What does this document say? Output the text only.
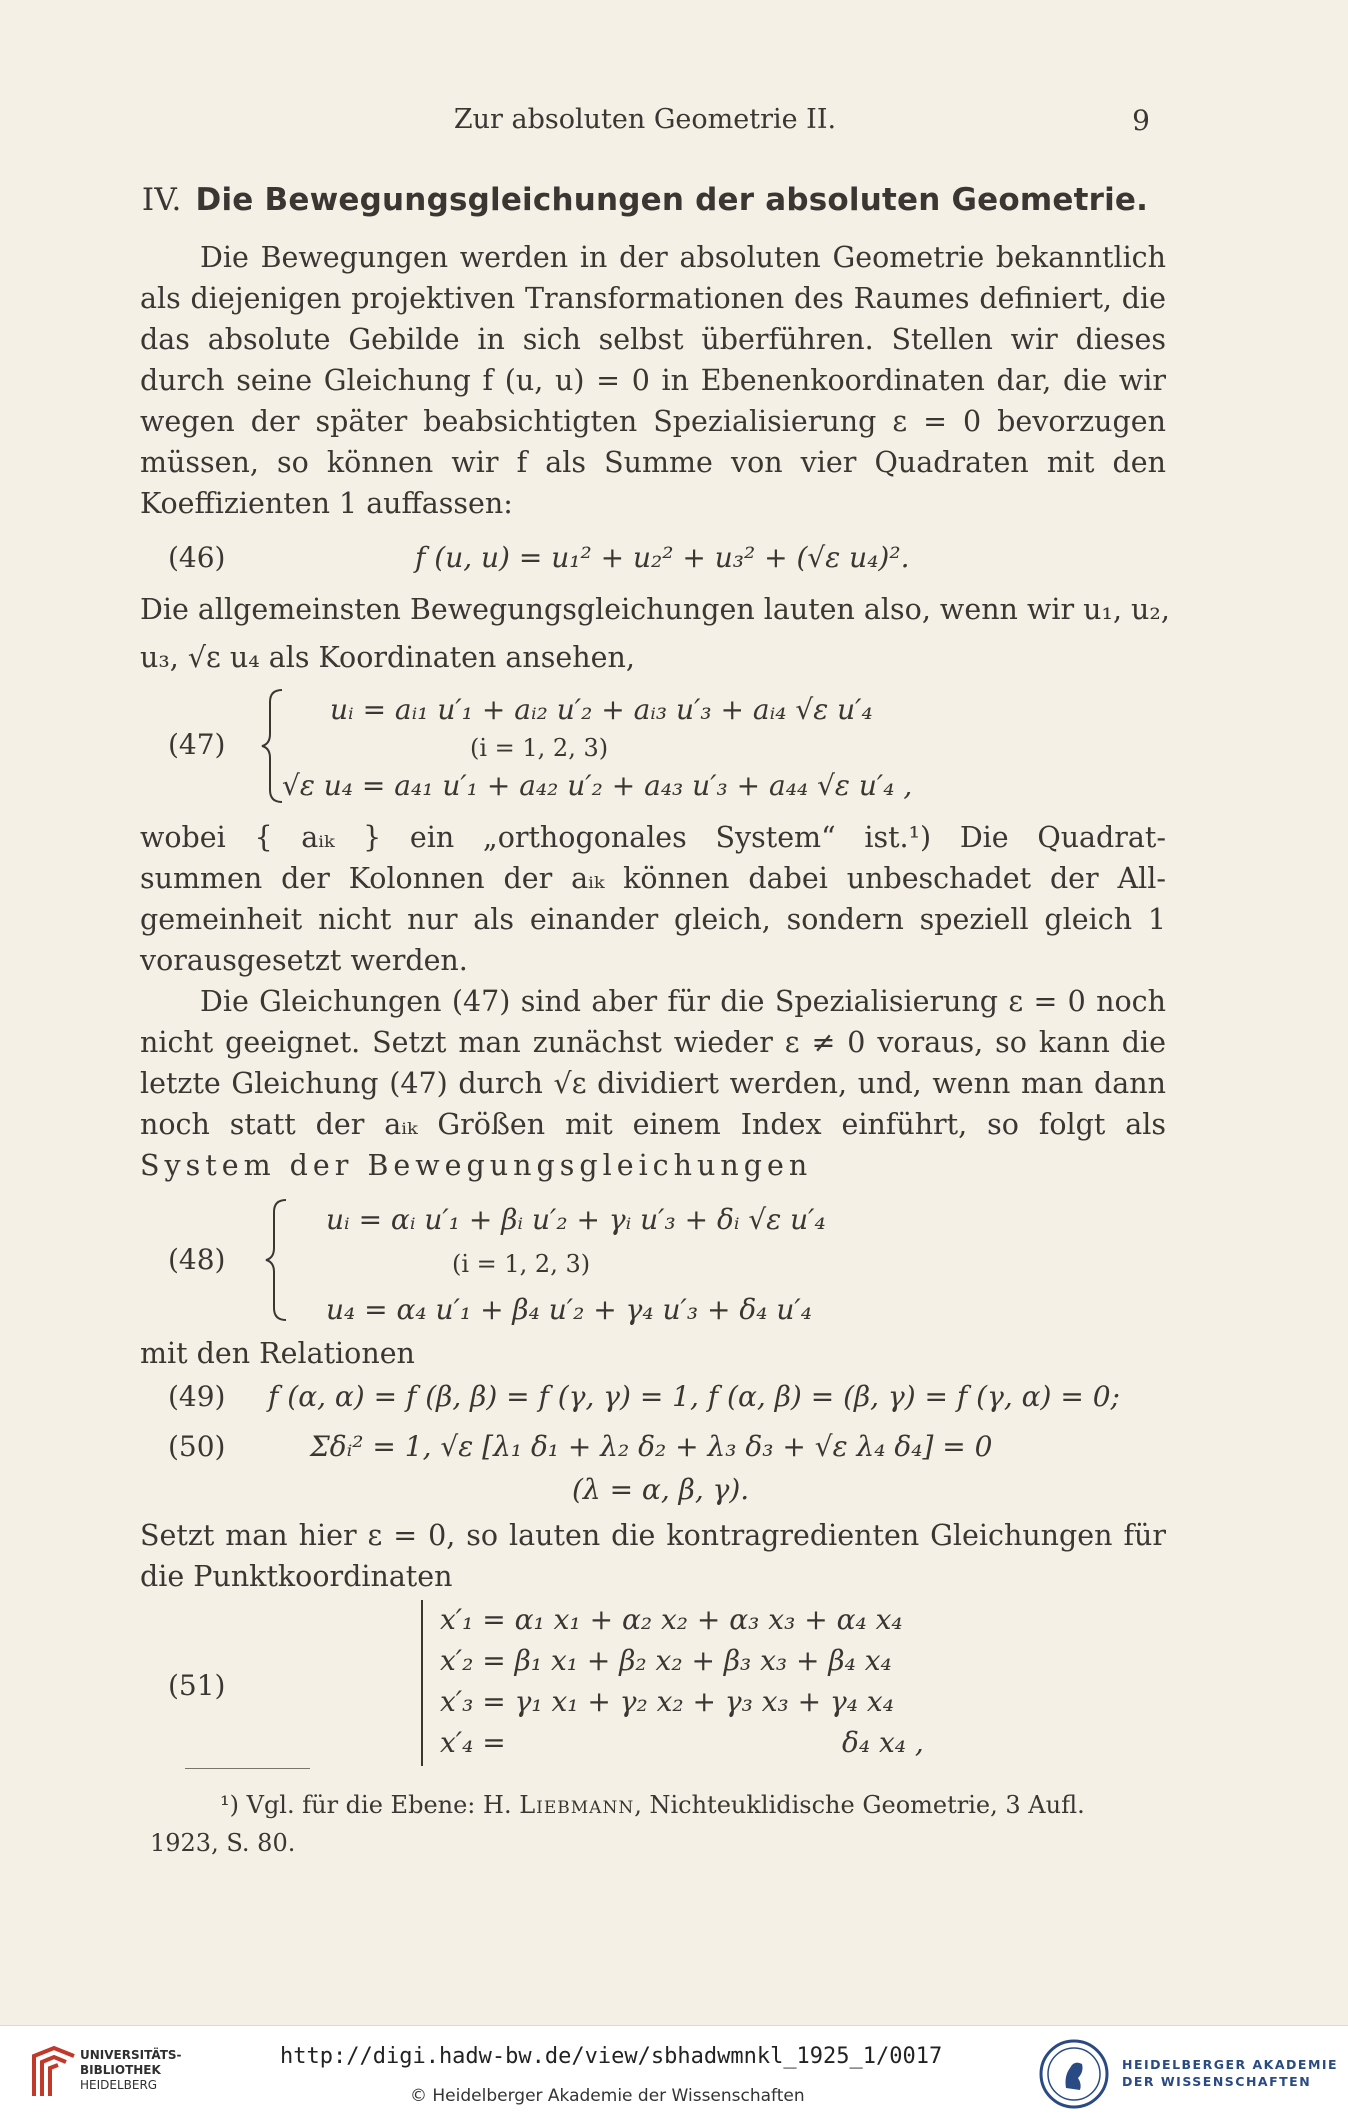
Zur absoluten Geometrie II.	9
IV. Die Bewegungsgleichungen der absoluten Geometrie.
Die Bewegungen werden in der absoluten Geometrie bekanntlich
als diejenigen projektiven Transformationen des Raumes definiert, die
das absolute Gebilde in sich selbst überführen. Stellen wir dieses
durch seine Gleichung f (u, u) = 0 in Ebenenkoordinaten dar, die wir
wegen der später beabsichtigten Spezialisierung ε = 0 bevorzugen
müssen, so können wir f als Summe von vier Quadraten mit den
Koeffizienten 1 auffassen:
(46)	f (u, u) = u₁² + u₂² + u₃² + (√ε u₄)².
Die allgemeinsten Bewegungsgleichungen lauten also, wenn wir u₁, u₂,
u₃, √ε u₄ als Koordinaten ansehen,
(47)
uᵢ = aᵢ₁ u′₁ + aᵢ₂ u′₂ + aᵢ₃ u′₃ + aᵢ₄ √ε u′₄
(i = 1, 2, 3)
√ε u₄ = a₄₁ u′₁ + a₄₂ u′₂ + a₄₃ u′₃ + a₄₄ √ε u′₄ ,
wobei { aᵢₖ } ein „orthogonales System“ ist.¹) Die Quadrat-
summen der Kolonnen der aᵢₖ können dabei unbeschadet der All-
gemeinheit nicht nur als einander gleich, sondern speziell gleich 1
vorausgesetzt werden.
Die Gleichungen (47) sind aber für die Spezialisierung ε = 0 noch
nicht geeignet. Setzt man zunächst wieder ε ≠ 0 voraus, so kann die
letzte Gleichung (47) durch √ε dividiert werden, und, wenn man dann
noch statt der aᵢₖ Größen mit einem Index einführt, so folgt als
System der Bewegungsgleichungen
(48)
uᵢ = αᵢ u′₁ + βᵢ u′₂ + γᵢ u′₃ + δᵢ √ε u′₄
(i = 1, 2, 3)
u₄ = α₄ u′₁ + β₄ u′₂ + γ₄ u′₃ + δ₄ u′₄
mit den Relationen
(49) f (α, α) = f (β, β) = f (γ, γ) = 1, f (α, β) = (β, γ) = f (γ, α) = 0;
(50)	Σδᵢ² = 1, √ε [λ₁ δ₁ + λ₂ δ₂ + λ₃ δ₃ + √ε λ₄ δ₄] = 0
(λ = α, β, γ).
Setzt man hier ε = 0, so lauten die kontragredienten Gleichungen für
die Punktkoordinaten
(51)
x′₁ = α₁ x₁ + α₂ x₂ + α₃ x₃ + α₄ x₄
x′₂ = β₁ x₁ + β₂ x₂ + β₃ x₃ + β₄ x₄
x′₃ = γ₁ x₁ + γ₂ x₂ + γ₃ x₃ + γ₄ x₄
x′₄ =	δ₄ x₄ ,
¹) Vgl. für die Ebene: H. Liebmann, Nichteuklidische Geometrie, 3 Aufl.
1923, S. 80.
UNIVERSITÄTS-
BIBLIOTHEK
HEIDELBERG
http://digi.hadw-bw.de/view/sbhadwmnkl_1925_1/0017
© Heidelberger Akademie der Wissenschaften
HEIDELBERGER AKADEMIE
DER WISSENSCHAFTEN
